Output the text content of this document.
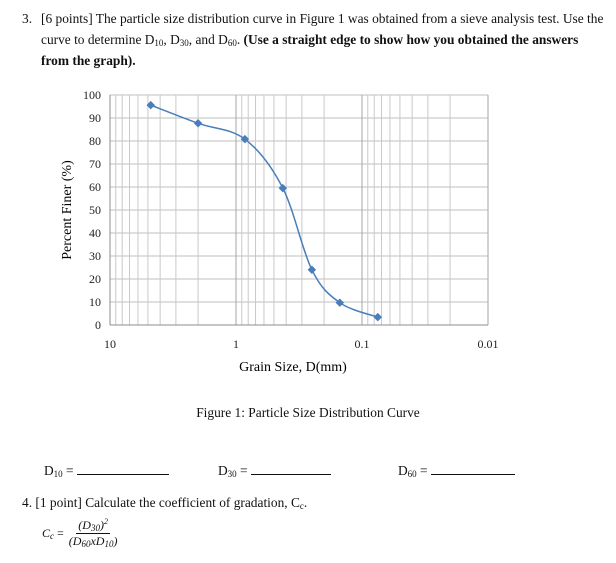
3. [6 points] The particle size distribution curve in Figure 1 was obtained from a sieve analysis test. Use the curve to determine $D_{10}$, $D_{30}$, and $D_{60}$. (Use a straight edge to show how you obtained the answers from the graph).
100
90
80
70
60
50
40
30
20
10
0
10	1	0.1	0.01
Percent Finer (%)
Grain Size, D(mm)
Figure 1: Particle Size Distribution Curve
$D_{10}$ =	$D_{30}$ =	$D_{60}$ =
4. [1 point] Calculate the coefficient of gradation, $C_c$.
$C_c = \frac{(D_{30})^2}{(D_{60}xD_{10})}$
